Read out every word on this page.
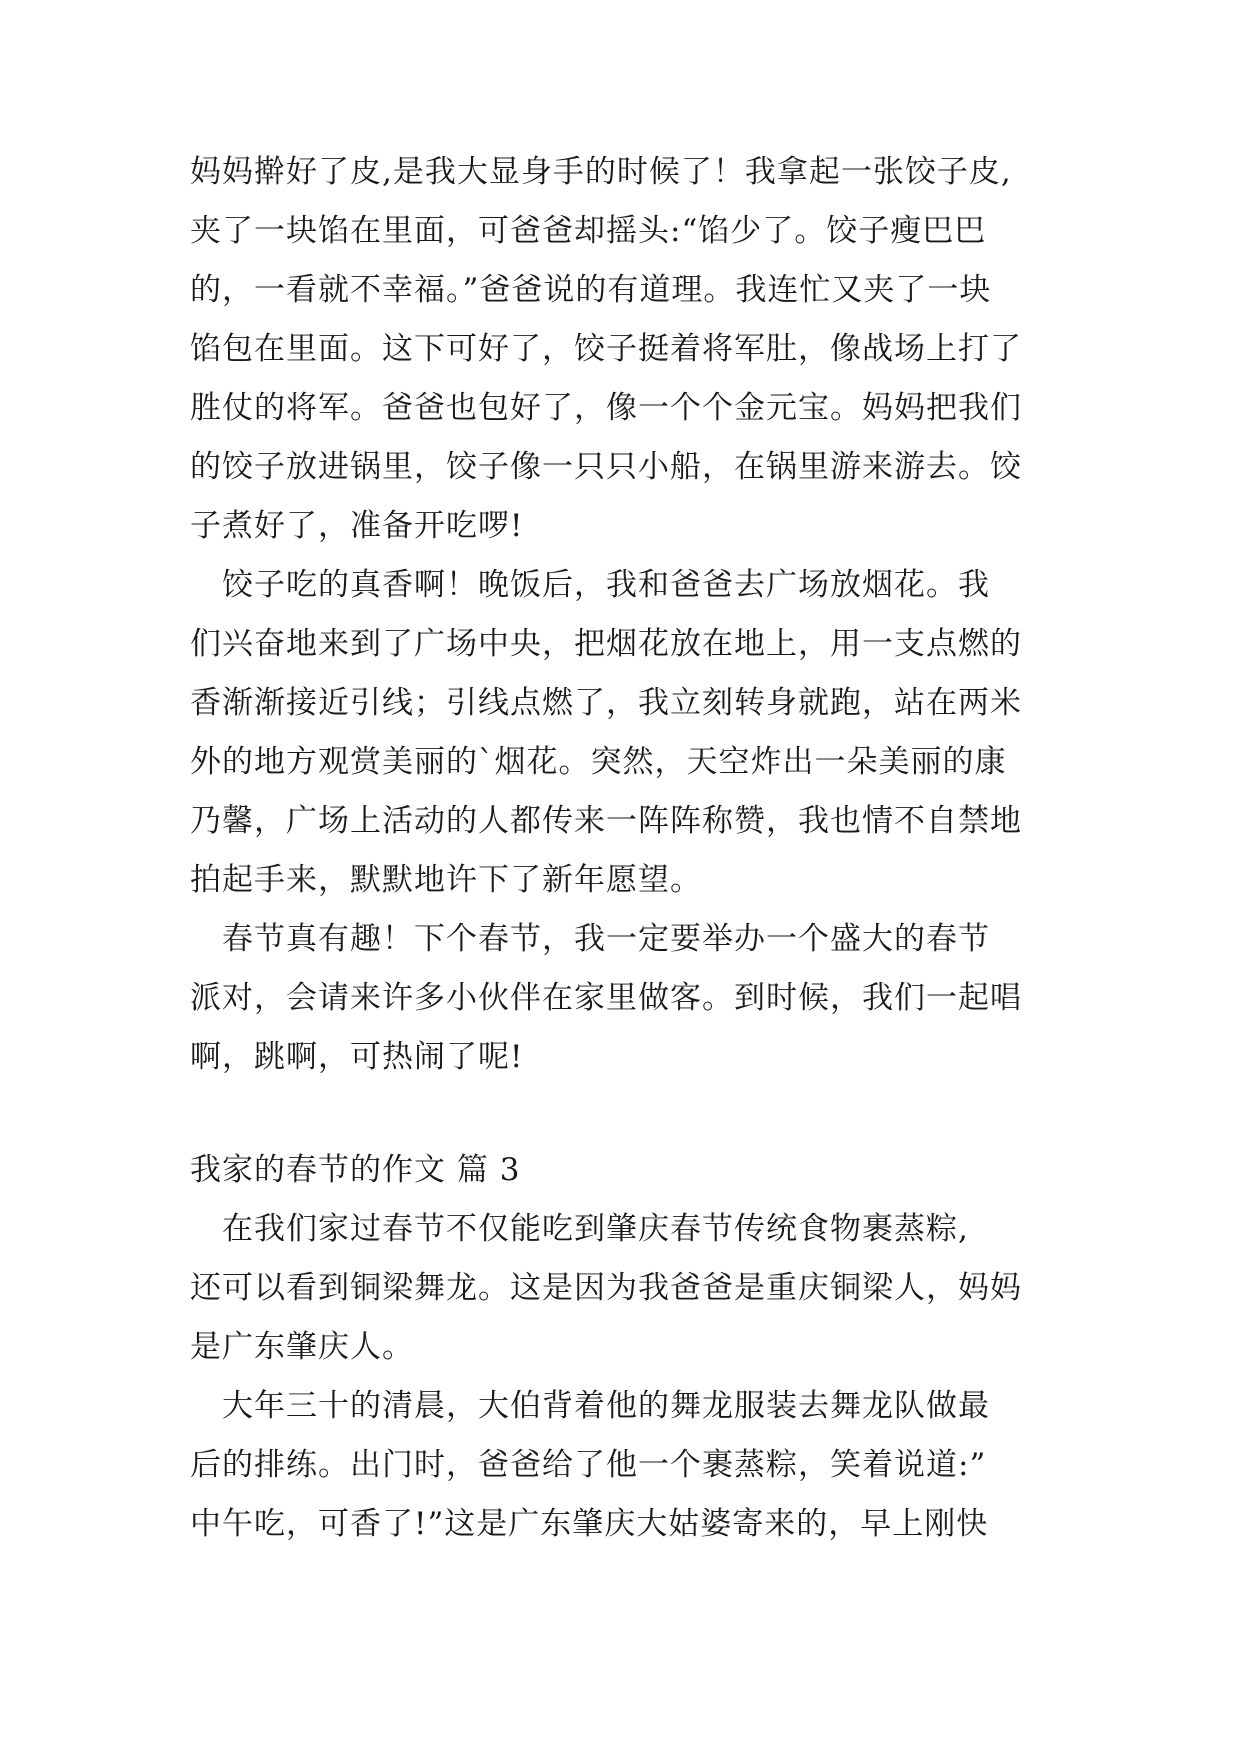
妈妈擀好了皮,是我大显身手的时候了！我拿起一张饺子皮,
夹了一块馅在里面，可爸爸却摇头:“馅少了。饺子瘦巴巴
的，一看就不幸福。”爸爸说的有道理。我连忙又夹了一块
馅包在里面。这下可好了，饺子挺着将军肚，像战场上打了
胜仗的将军。爸爸也包好了，像一个个金元宝。妈妈把我们
的饺子放进锅里，饺子像一只只小船，在锅里游来游去。饺
子煮好了，准备开吃啰!
　饺子吃的真香啊！晚饭后，我和爸爸去广场放烟花。我
们兴奋地来到了广场中央，把烟花放在地上，用一支点燃的
香渐渐接近引线；引线点燃了，我立刻转身就跑，站在两米
外的地方观赏美丽的`烟花。突然，天空炸出一朵美丽的康
乃馨，广场上活动的人都传来一阵阵称赞，我也情不自禁地
拍起手来，默默地许下了新年愿望。
　春节真有趣！下个春节，我一定要举办一个盛大的春节
派对，会请来许多小伙伴在家里做客。到时候，我们一起唱
啊，跳啊，可热闹了呢!
我家的春节的作文 篇 3
　在我们家过春节不仅能吃到肇庆春节传统食物裹蒸粽,
还可以看到铜梁舞龙。这是因为我爸爸是重庆铜梁人，妈妈
是广东肇庆人。
　大年三十的清晨，大伯背着他的舞龙服装去舞龙队做最
后的排练。出门时，爸爸给了他一个裹蒸粽，笑着说道:”
中午吃，可香了!”这是广东肇庆大姑婆寄来的，早上刚快
